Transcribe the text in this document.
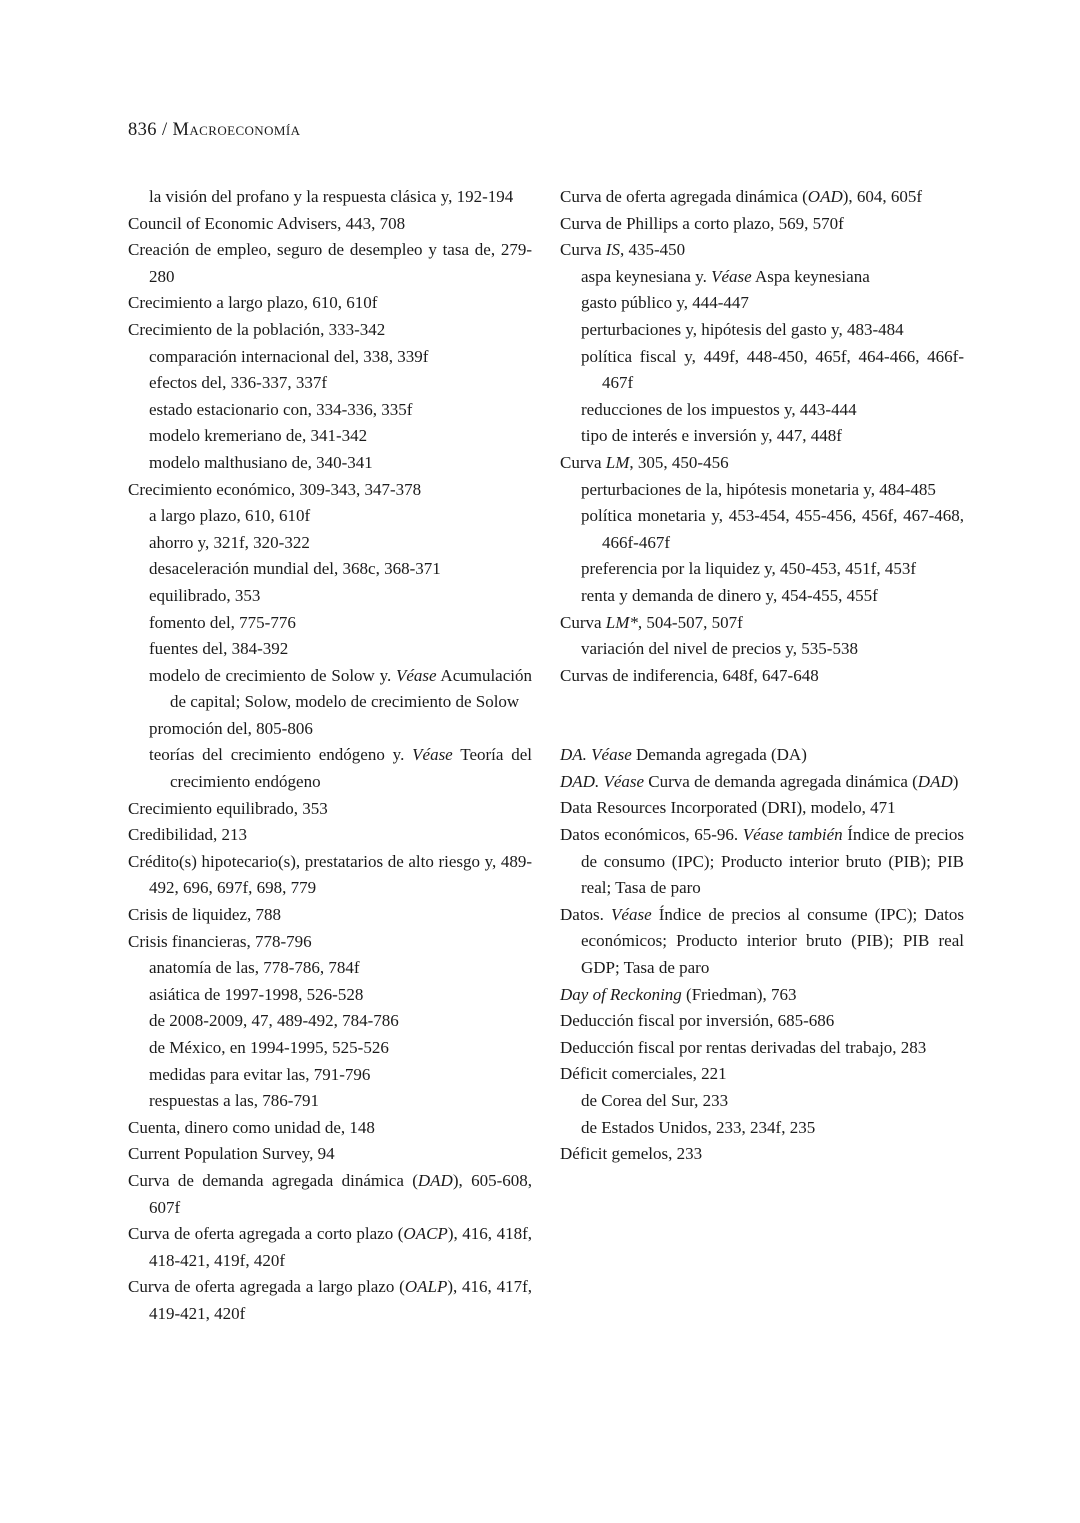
836 / Macroeconomía

la visión del profano y la respuesta clásica y, 192-194

Council of Economic Advisers, 443, 708

Creación de empleo, seguro de desempleo y tasa de, 279-280

Crecimiento a largo plazo, 610, 610f

Crecimiento de la población, 333-342

comparación internacional del, 338, 339f

efectos del, 336-337, 337f

estado estacionario con, 334-336, 335f

modelo kremeriano de, 341-342

modelo malthusiano de, 340-341

Crecimiento económico, 309-343, 347-378

a largo plazo, 610, 610f

ahorro y, 321f, 320-322

desaceleración mundial del, 368c, 368-371

equilibrado, 353

fomento del, 775-776

fuentes del, 384-392

modelo de crecimiento de Solow y. Véase Acumulación de capital; Solow, modelo de crecimiento de Solow

promoción del, 805-806

teorías del crecimiento endógeno y. Véase Teoría del crecimiento endógeno

Crecimiento equilibrado, 353

Credibilidad, 213

Crédito(s) hipotecario(s), prestatarios de alto riesgo y, 489-492, 696, 697f, 698, 779

Crisis de liquidez, 788

Crisis financieras, 778-796

anatomía de las, 778-786, 784f

asiática de 1997-1998, 526-528

de 2008-2009, 47, 489-492, 784-786

de México, en 1994-1995, 525-526

medidas para evitar las, 791-796

respuestas a las, 786-791

Cuenta, dinero como unidad de, 148

Current Population Survey, 94

Curva de demanda agregada dinámica (DAD), 605-608, 607f

Curva de oferta agregada a corto plazo (OACP), 416, 418f, 418-421, 419f, 420f

Curva de oferta agregada a largo plazo (OALP), 416, 417f, 419-421, 420f

Curva de oferta agregada dinámica (OAD), 604, 605f

Curva de Phillips a corto plazo, 569, 570f

Curva IS, 435-450

aspa keynesiana y. Véase Aspa keynesiana

gasto público y, 444-447

perturbaciones y, hipótesis del gasto y, 483-484

política fiscal y, 449f, 448-450, 465f, 464-466, 466f-467f

reducciones de los impuestos y, 443-444

tipo de interés e inversión y, 447, 448f

Curva LM, 305, 450-456

perturbaciones de la, hipótesis monetaria y, 484-485

política monetaria y, 453-454, 455-456, 456f, 467-468, 466f-467f

preferencia por la liquidez y, 450-453, 451f, 453f

renta y demanda de dinero y, 454-455, 455f

Curva LM*, 504-507, 507f

variación del nivel de precios y, 535-538

Curvas de indiferencia, 648f, 647-648

DA. Véase Demanda agregada (DA)

DAD. Véase Curva de demanda agregada dinámica (DAD)

Data Resources Incorporated (DRI), modelo, 471

Datos económicos, 65-96. Véase también Índice de precios de consumo (IPC); Producto interior bruto (PIB); PIB real; Tasa de paro

Datos. Véase Índice de precios al consume (IPC); Datos económicos; Producto interior bruto (PIB); PIB real GDP; Tasa de paro

Day of Reckoning (Friedman), 763

Deducción fiscal por inversión, 685-686

Deducción fiscal por rentas derivadas del trabajo, 283

Déficit comerciales, 221

de Corea del Sur, 233

de Estados Unidos, 233, 234f, 235

Déficit gemelos, 233
